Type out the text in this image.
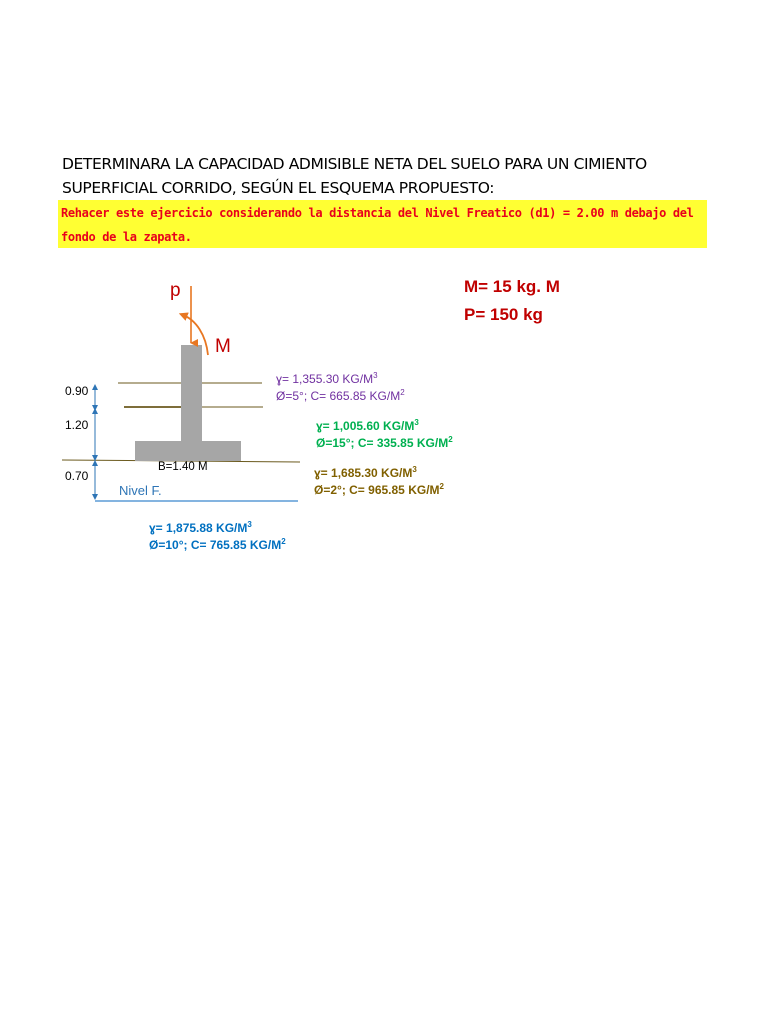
DETERMINARA LA CAPACIDAD ADMISIBLE NETA DEL SUELO PARA UN CIMIENTO
SUPERFICIAL CORRIDO, SEGÚN EL ESQUEMA PROPUESTO:
Rehacer este ejercicio considerando la distancia del Nivel Freatico (d1) = 2.00 m debajo del
fondo de la zapata.
M= 15 kg. M
P= 150 kg
p
M
0.90
1.20
0.70
B=1.40 M
Nivel F.
ɣ= 1,355.30 $KG/M^3$
Ø=5°; C= 665.85 $KG/M^2$
ɣ= 1,005.60 $KG/M^3$
Ø=15°; C= 335.85 $KG/M^2$
ɣ= 1,685.30 $KG/M^3$
Ø=2°; C= 965.85 $KG/M^2$
ɣ= 1,875.88 $KG/M^3$
Ø=10°; C= 765.85 $KG/M^2$
